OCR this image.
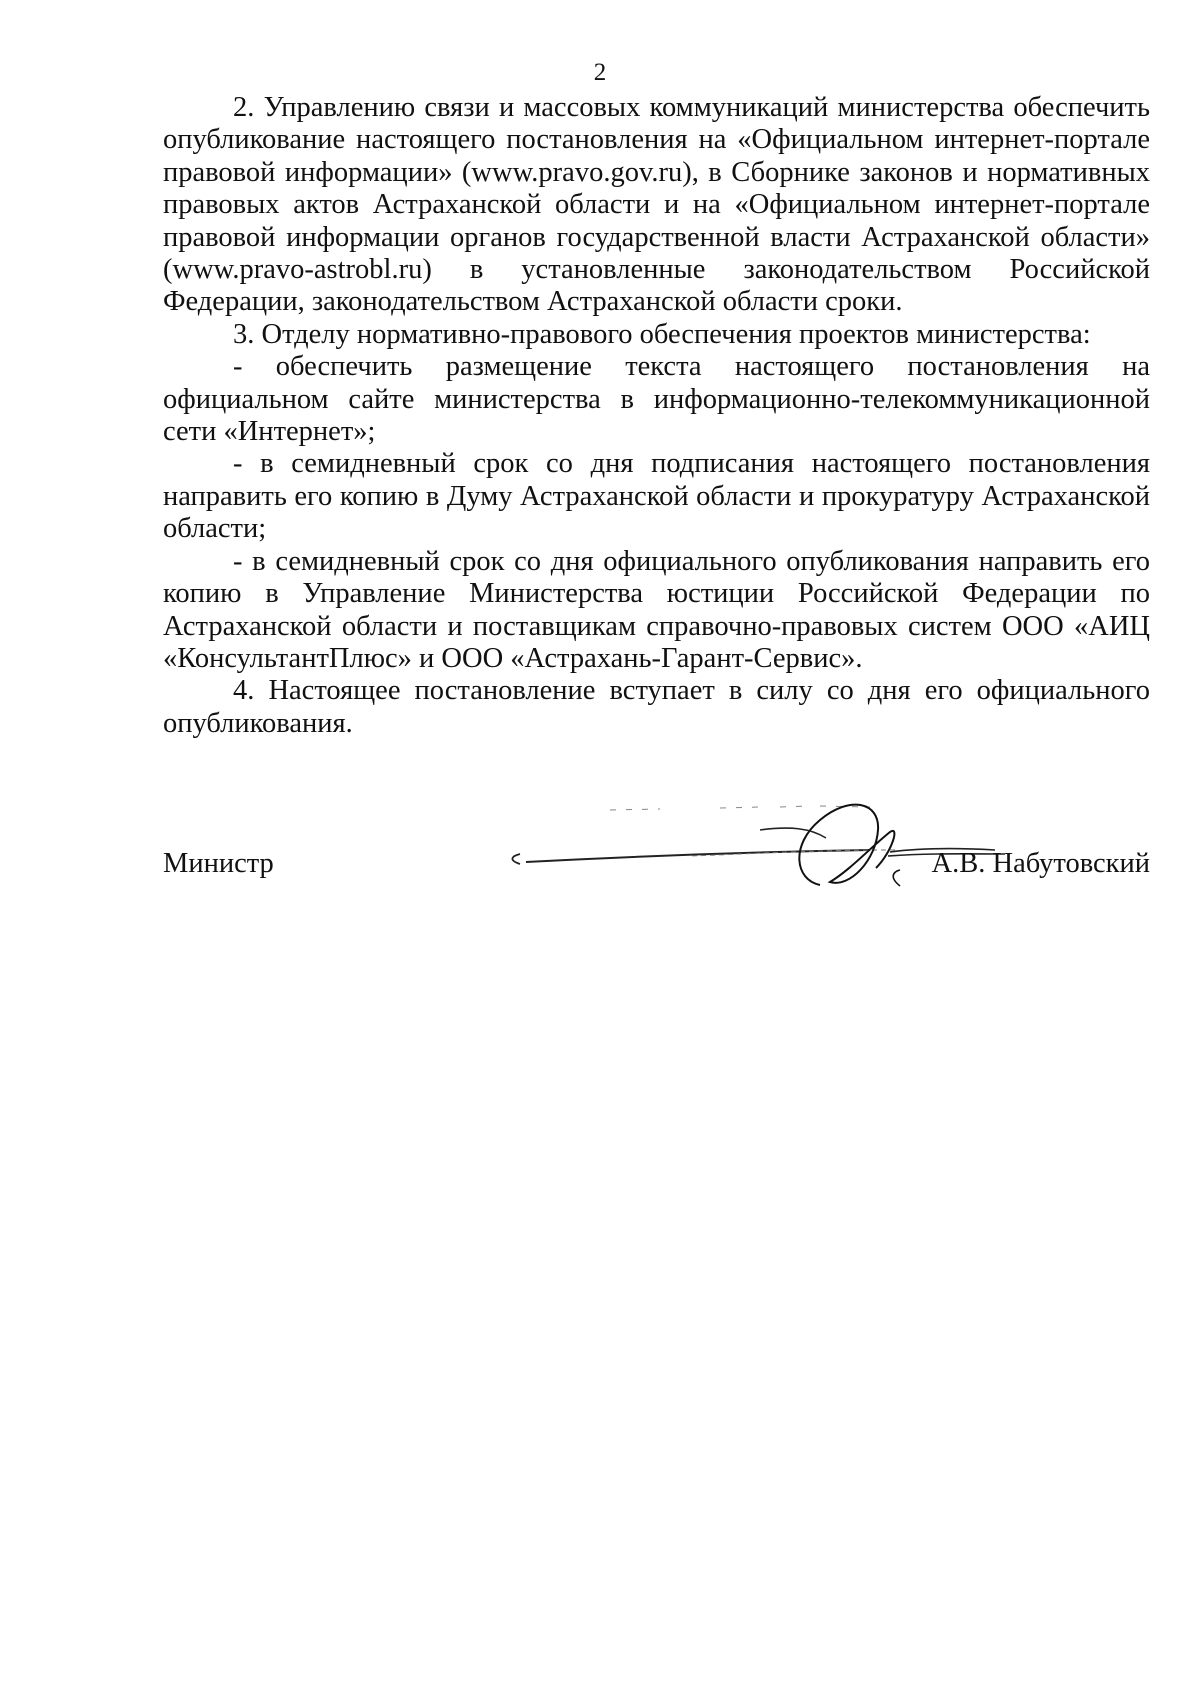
2

2. Управлению связи и массовых коммуникаций министерства обеспечить опубликование настоящего постановления на «Официальном интернет-портале правовой информации» (www.pravo.gov.ru), в Сборнике законов и нормативных правовых актов Астраханской области и на «Официальном интернет-портале правовой информации органов государственной власти Астраханской области» (www.pravo-astrobl.ru) в установленные законодательством Российской Федерации, законодательством Астраханской области сроки.

3. Отделу нормативно-правового обеспечения проектов министерства:

- обеспечить размещение текста настоящего постановления на официальном сайте министерства в информационно-телекоммуникационной сети «Интернет»;

- в семидневный срок со дня подписания настоящего постановления направить его копию в Думу Астраханской области и прокуратуру Астраханской области;

- в семидневный срок со дня официального опубликования направить его копию в Управление Министерства юстиции Российской Федерации по Астраханской области и поставщикам справочно-правовых систем ООО «АИЦ «КонсультантПлюс» и ООО «Астрахань-Гарант-Сервис».

4. Настоящее постановление вступает в силу со дня его официального опубликования.

Министр	А.В. Набутовский
